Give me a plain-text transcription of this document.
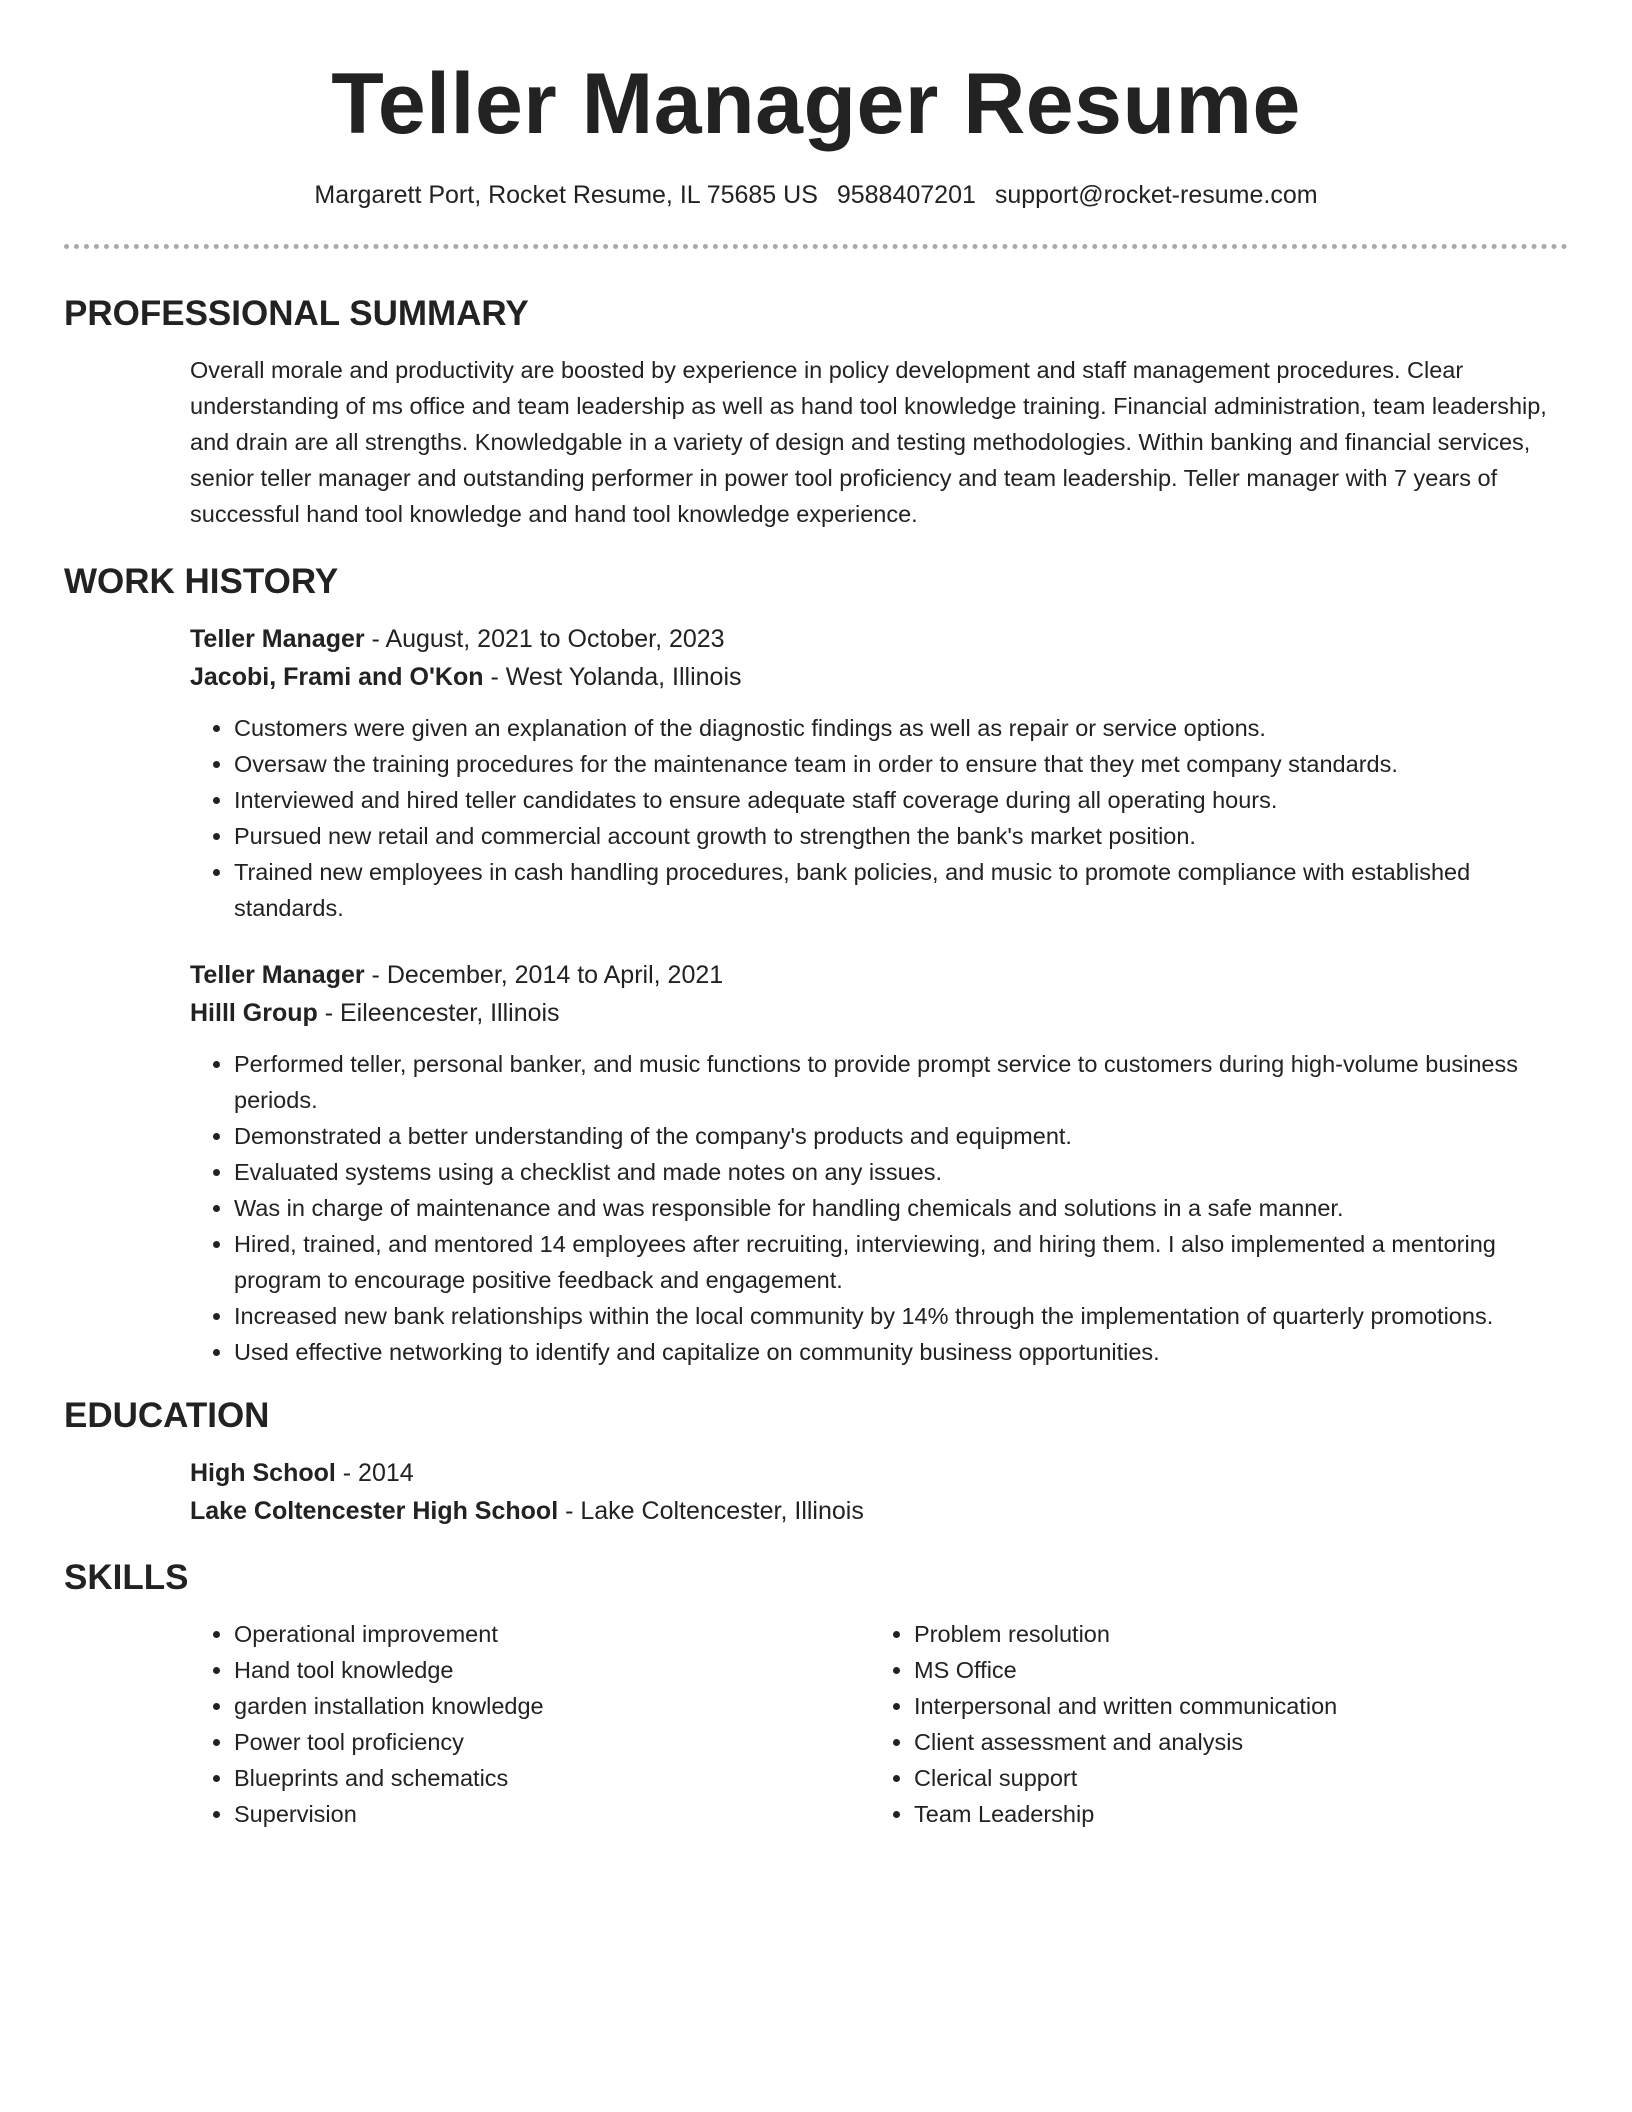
Teller Manager Resume
Margarett Port, Rocket Resume, IL 75685 US 9588407201 support@rocket-resume.com
PROFESSIONAL SUMMARY

Overall morale and productivity are boosted by experience in policy development and staff management procedures. Clear understanding of ms office and team leadership as well as hand tool knowledge training. Financial administration, team leadership, and drain are all strengths. Knowledgable in a variety of design and testing methodologies. Within banking and financial services, senior teller manager and outstanding performer in power tool proficiency and team leadership. Teller manager with 7 years of successful hand tool knowledge and hand tool knowledge experience.

WORK HISTORY
Teller Manager - August, 2021 to October, 2023
Jacobi, Frami and O'Kon - West Yolanda, Illinois
• Customers were given an explanation of the diagnostic findings as well as repair or service options.
• Oversaw the training procedures for the maintenance team in order to ensure that they met company standards.
• Interviewed and hired teller candidates to ensure adequate staff coverage during all operating hours.
• Pursued new retail and commercial account growth to strengthen the bank's market position.
• Trained new employees in cash handling procedures, bank policies, and music to promote compliance with established standards.
Teller Manager - December, 2014 to April, 2021
Hilll Group - Eileencester, Illinois
• Performed teller, personal banker, and music functions to provide prompt service to customers during high-volume business periods.
• Demonstrated a better understanding of the company's products and equipment.
• Evaluated systems using a checklist and made notes on any issues.
• Was in charge of maintenance and was responsible for handling chemicals and solutions in a safe manner.
• Hired, trained, and mentored 14 employees after recruiting, interviewing, and hiring them. I also implemented a mentoring program to encourage positive feedback and engagement.
• Increased new bank relationships within the local community by 14% through the implementation of quarterly promotions.
• Used effective networking to identify and capitalize on community business opportunities.
EDUCATION
High School - 2014
Lake Coltencester High School - Lake Coltencester, Illinois
SKILLS
• Operational improvement
• Hand tool knowledge
• garden installation knowledge
• Power tool proficiency
• Blueprints and schematics
• Supervision
• Problem resolution
• MS Office
• Interpersonal and written communication
• Client assessment and analysis
• Clerical support
• Team Leadership
